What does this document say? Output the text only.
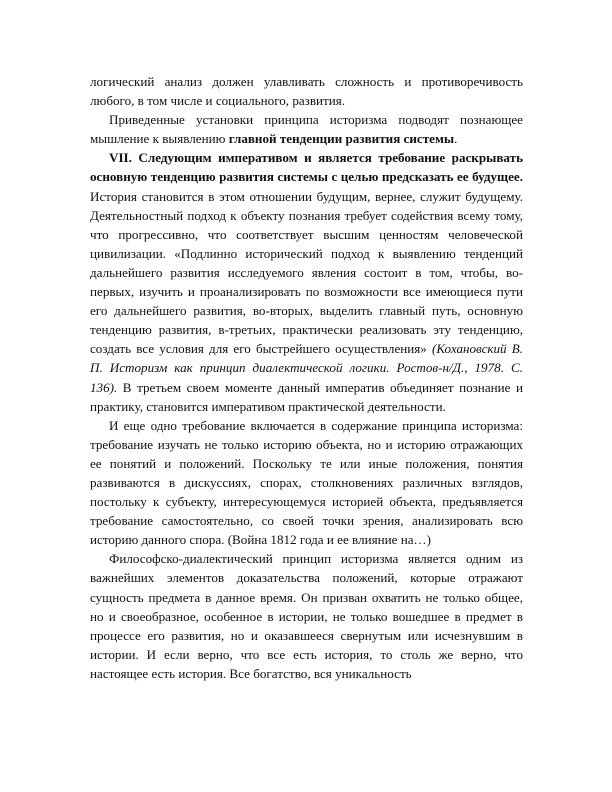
логический анализ должен улавливать сложность и противоречивость любого, в том числе и социального, развития.

Приведенные установки принципа историзма подводят познающее мышление к выявлению главной тенденции развития системы.

VII. Следующим императивом и является требование раскрывать основную тенденцию развития системы с целью предсказать ее будущее. История становится в этом отношении будущим, вернее, служит будущему. Деятельностный подход к объекту познания требует содействия всему тому, что прогрессивно, что соответствует высшим ценностям человеческой цивилизации. «Подлинно исторический подход к выявлению тенденций дальнейшего развития исследуемого явления состоит в том, чтобы, во-первых, изучить и проанализировать по возможности все имеющиеся пути его дальнейшего развития, во-вторых, выделить главный путь, основную тенденцию развития, в-третьих, практически реализовать эту тенденцию, создать все условия для его быстрейшего осуществления» (Кохановский В. П. Историзм как принцип диалектической логики. Ростов-н/Д., 1978. С. 136). В третьем своем моменте данный императив объединяет познание и практику, становится императивом практической деятельности.

И еще одно требование включается в содержание принципа историзма: требование изучать не только историю объекта, но и историю отражающих ее понятий и положений. Поскольку те или иные положения, понятия развиваются в дискуссиях, спорах, столкновениях различных взглядов, постольку к субъекту, интересующемуся историей объекта, предъявляется требование самостоятельно, со своей точки зрения, анализировать всю историю данного спора. (Война 1812 года и ее влияние на…)

Философско-диалектический принцип историзма является одним из важнейших элементов доказательства положений, которые отражают сущность предмета в данное время. Он призван охватить не только общее, но и своеобразное, особенное в истории, не только вошедшее в предмет в процессе его развития, но и оказавшееся свернутым или исчезнувшим в истории. И если верно, что все есть история, то столь же верно, что настоящее есть история. Все богатство, вся уникальность
